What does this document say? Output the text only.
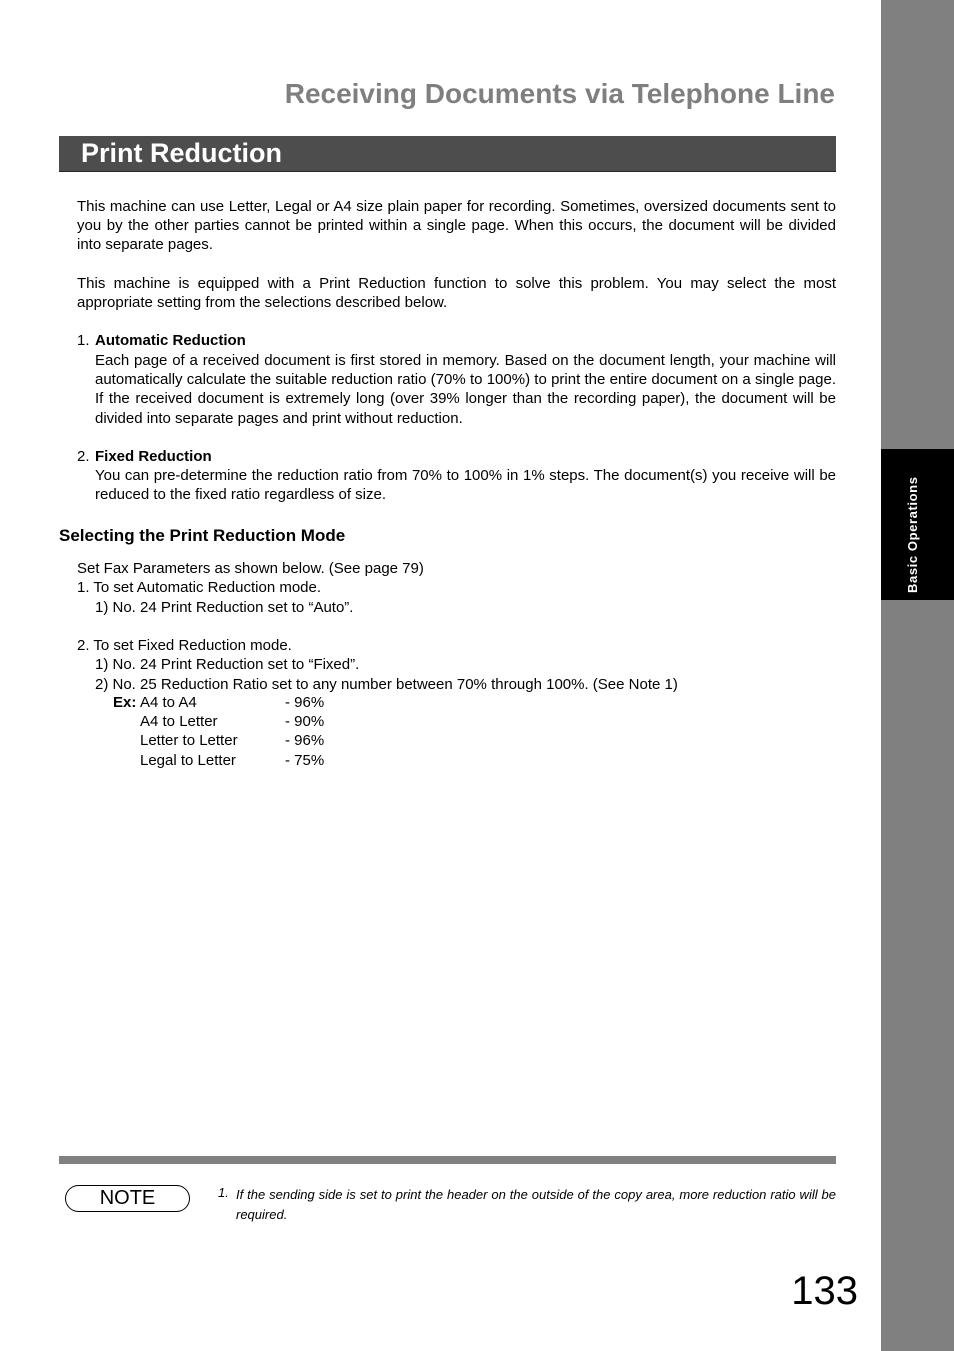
Basic Operations
Receiving Documents via Telephone Line
Print Reduction
This machine can use Letter, Legal or A4 size plain paper for recording. Sometimes, oversized documents sent to you by the other parties cannot be printed within a single page. When this occurs, the document will be divided into separate pages.
This machine is equipped with a Print Reduction function to solve this problem. You may select the most appropriate setting from the selections described below.
1. Automatic Reduction
Each page of a received document is first stored in memory. Based on the document length, your machine will automatically calculate the suitable reduction ratio (70% to 100%) to print the entire document on a single page. If the received document is extremely long (over 39% longer than the recording paper), the document will be divided into separate pages and print without reduction.
2. Fixed Reduction
You can pre-determine the reduction ratio from 70% to 100% in 1% steps. The document(s) you receive will be reduced to the fixed ratio regardless of size.
Selecting the Print Reduction Mode
Set Fax Parameters as shown below. (See page 79)
1. To set Automatic Reduction mode.
1) No. 24 Print Reduction set to “Auto”.
2. To set Fixed Reduction mode.
1) No. 24 Print Reduction set to “Fixed”.
2) No. 25 Reduction Ratio set to any number between 70% through 100%. (See Note 1)
Ex: A4 to A4	- 96%
A4 to Letter	- 90%
Letter to Letter	- 96%
Legal to Letter	- 75%
NOTE	1. If the sending side is set to print the header on the outside of the copy area, more reduction ratio will be required.
133
